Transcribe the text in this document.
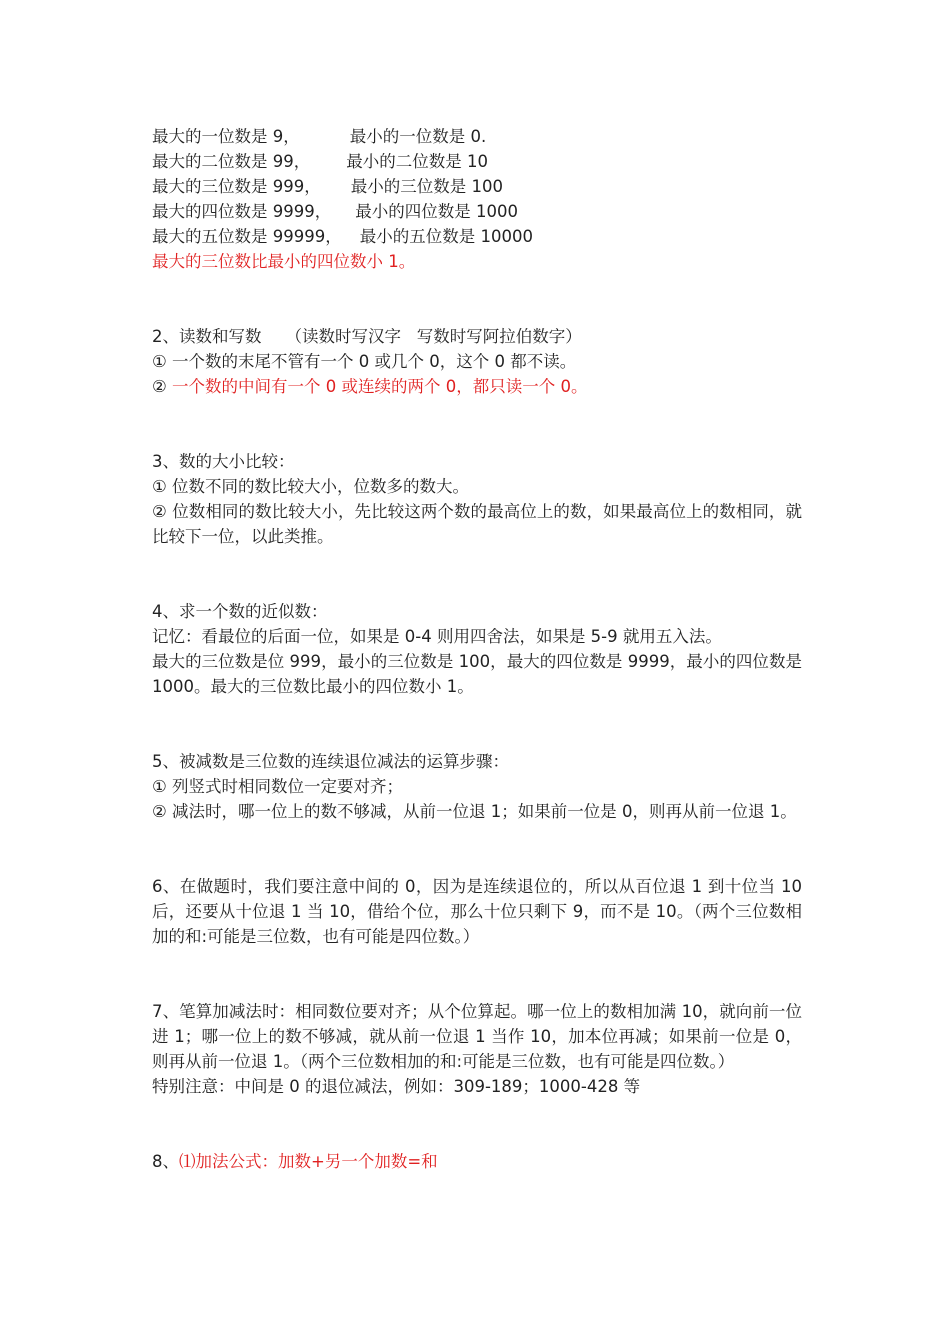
最大的一位数是 9，	最小的一位数是 0.

最大的二位数是 99， 最小的二位数是 10

最大的三位数是 999， 最小的三位数是 100

最大的四位数是 9999， 最小的四位数是 1000

最大的五位数是 99999， 最小的五位数是 10000

最大的三位数比最小的四位数小 1。

2、读数和写数 （读数时写汉字   写数时写阿拉伯数字）

① 一个数的末尾不管有一个 0 或几个 0，这个 0 都不读。

② 一个数的中间有一个 0 或连续的两个 0，都只读一个 0。

3、数的大小比较：

① 位数不同的数比较大小，位数多的数大。

② 位数相同的数比较大小，先比较这两个数的最高位上的数，如果最高位上的数相同，就比较下一位，以此类推。

4、求一个数的近似数：

记忆：看最位的后面一位，如果是 0-4 则用四舍法，如果是 5-9 就用五入法。

最大的三位数是位 999，最小的三位数是 100，最大的四位数是 9999，最小的四位数是 1000。最大的三位数比最小的四位数小 1。

5、被减数是三位数的连续退位减法的运算步骤：

① 列竖式时相同数位一定要对齐；

② 减法时，哪一位上的数不够减，从前一位退 1；如果前一位是 0，则再从前一位退 1。

6、在做题时，我们要注意中间的 0，因为是连续退位的，所以从百位退 1 到十位当 10 后，还要从十位退 1 当 10，借给个位，那么十位只剩下 9，而不是 10。（两个三位数相加的和:可能是三位数，也有可能是四位数。）

7、笔算加减法时：相同数位要对齐；从个位算起。哪一位上的数相加满 10，就向前一位进 1；哪一位上的数不够减，就从前一位退 1 当作 10，加本位再减；如果前一位是 0，则再从前一位退 1。（两个三位数相加的和:可能是三位数，也有可能是四位数。）

特别注意：中间是 0 的退位减法，例如：309-189；1000-428 等

8、⑴加法公式：加数+另一个加数=和
